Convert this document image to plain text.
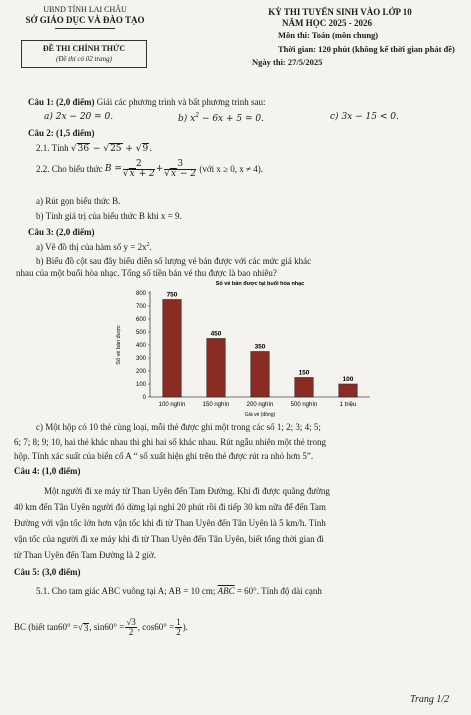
UBND TỈNH LAI CHÂU
SỞ GIÁO DỤC VÀ ĐÀO TẠO
ĐỀ THI CHÍNH THỨC
(Đề thi có 02 trang)
KỲ THI TUYỂN SINH VÀO LỚP 10
NĂM HỌC 2025 - 2026
Môn thi: Toán (môn chung)
Thời gian: 120 phút (không kể thời gian phát đề)
Ngày thi: 27/5/2025
Câu 1: (2,0 điểm) Giải các phương trình và bất phương trình sau:
a) 2x − 20 = 0.	b) $x^2 - 6x + 5 = 0$.	c) 3x − 15 < 0.
Câu 2: (1,5 điểm)
2.1. Tính √36 − √25 + √9.
2.2. Cho biểu thức
$B = \frac{2}{√x + 2} + \frac{3}{√x - 2}$
(với x ≥ 0, x ≠ 4).
a) Rút gọn biểu thức B.
b) Tính giá trị của biểu thức B khi x = 9.
Câu 3: (2,0 điểm)
a) Vẽ đồ thị của hàm số $y = 2x^2$.
b) Biểu đồ cột sau đây biểu diễn số lượng vé bán được với các mức giá khác
nhau của một buổi hòa nhạc. Tổng số tiền bán vé thu được là bao nhiêu?
Số vé bán được tại buổi hòa nhạc
0
100
200
300
400
500
600
700
800
Số vé bán được
750
100 nghìn
450
150 nghìn
350
200 nghìn
150
500 nghìn
100
1 triệu
Giá vé (đồng)
c) Một hộp có 10 thẻ cùng loại, mỗi thẻ được ghi một trong các số 1; 2; 3; 4; 5;
6; 7; 8; 9; 10, hai thẻ khác nhau thì ghi hai số khác nhau. Rút ngẫu nhiên một thẻ trong
hộp. Tính xác suất của biến cố A “ số xuất hiện ghi trên thẻ được rút ra nhỏ hơn 5”.
Câu 4: (1,0 điểm)
Một người đi xe máy từ Than Uyên đến Tam Đường. Khi đi được quãng đường
40 km đến Tân Uyên người đó dừng lại nghỉ 20 phút rồi đi tiếp 30 km nữa để đến Tam
Đường với vận tốc lớn hơn vận tốc khi đi từ Than Uyên đến Tân Uyên là 5 km/h. Tính
vận tốc của người đi xe máy khi đi từ Than Uyên đến Tân Uyên, biết tổng thời gian đi
từ Than Uyên đến Tam Đường là 2 giờ.
Câu 5: (3,0 điểm)
5.1. Cho tam giác ABC vuông tại A; AB = 10 cm; $\overline{ABC} = 60^\circ$. Tính độ dài cạnh
BC (biết tan60° = √ 3 , $\sin 60^\circ = \frac{√3}{2}$ , $\cos 60^\circ = \frac{1}{2}$ ).
Trang 1/2
